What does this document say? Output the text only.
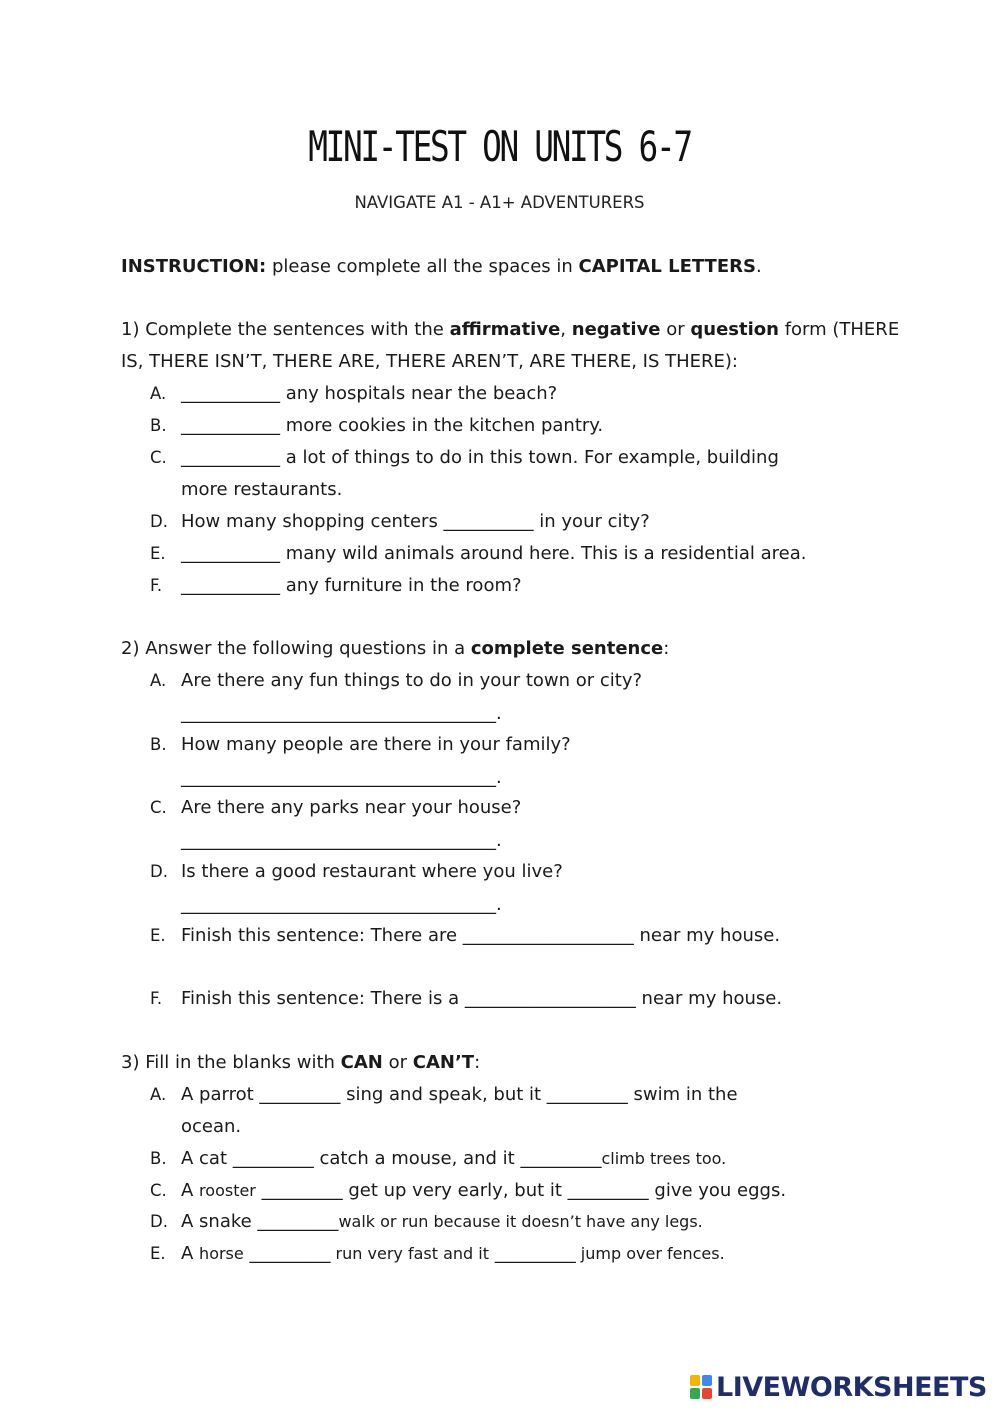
MINI-TEST ON UNITS 6-7
NAVIGATE A1 - A1+ ADVENTURERS
INSTRUCTION: please complete all the spaces in CAPITAL LETTERS.
1) Complete the sentences with the affirmative, negative or question form (THERE
IS, THERE ISN’T, THERE ARE, THERE AREN’T, ARE THERE, IS THERE):
A. ___________ any hospitals near the beach?
B. ___________ more cookies in the kitchen pantry.
C. ___________ a lot of things to do in this town. For example, building
more restaurants.
D. How many shopping centers __________ in your city?
E. ___________ many wild animals around here. This is a residential area.
F. ___________ any furniture in the room?
2) Answer the following questions in a complete sentence:
A. Are there any fun things to do in your town or city?
___________________________________.
B. How many people are there in your family?
___________________________________.
C. Are there any parks near your house?
___________________________________.
D. Is there a good restaurant where you live?
___________________________________.
E. Finish this sentence: There are ___________________ near my house.
F. Finish this sentence: There is a ___________________ near my house.
3) Fill in the blanks with CAN or CAN’T:
A. A parrot _________ sing and speak, but it _________ swim in the
ocean.
B. A cat _________ catch a mouse, and it _________climb trees too.
C. A rooster _________ get up very early, but it _________ give you eggs.
D. A snake _________walk or run because it doesn’t have any legs.
E. A horse _________ run very fast and it _________ jump over fences.
LIVEWORKSHEETS
